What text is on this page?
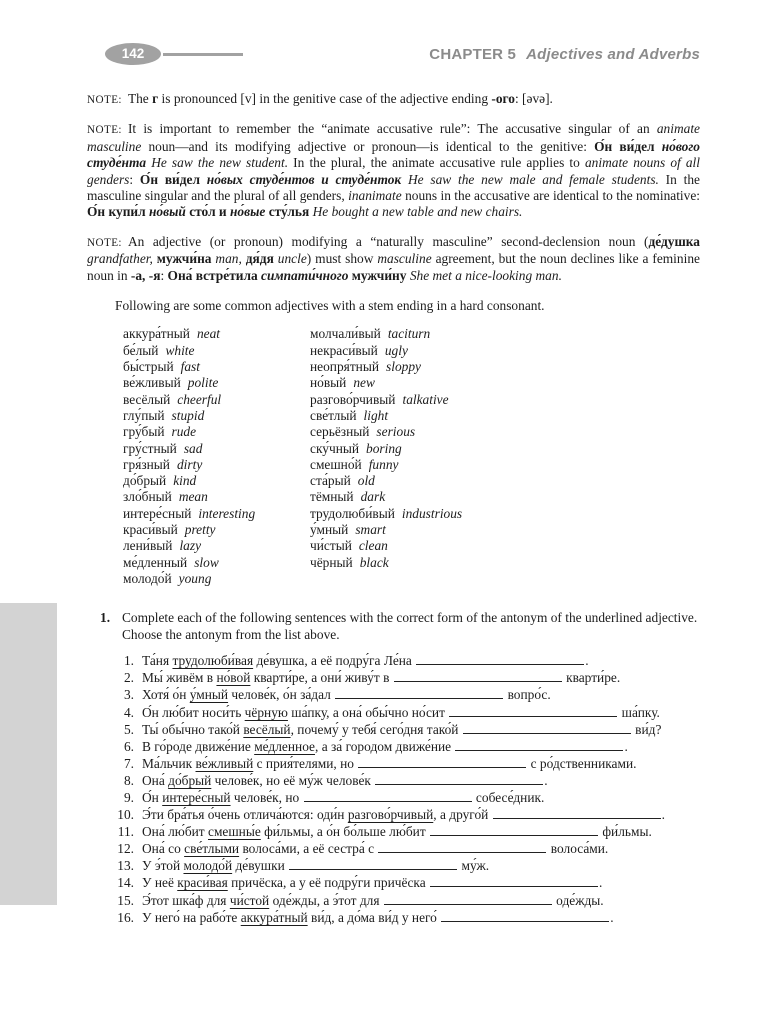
142	CHAPTER 5 Adjectives and Adverbs

NOTE: The г is pronounced [v] in the genitive case of the adjective ending -ого: [əvə].

NOTE: It is important to remember the “animate accusative rule”: The accusative singular of an animate masculine noun—and its modifying adjective or pronoun—is identical to the genitive: О́н ви́дел но́вого студе́нта He saw the new student. In the plural, the animate accusative rule applies to animate nouns of all genders: О́н ви́дел но́вых студе́нтов и студе́нток He saw the new male and female students. In the masculine singular and the plural of all genders, inanimate nouns in the accusative are identical to the nominative: О́н купи́л но́вый сто́л и но́вые сту́лья He bought a new table and new chairs.

NOTE: An adjective (or pronoun) modifying a “naturally masculine” second-declension noun (де́душка grandfather, мужчи́на man, дя́дя uncle) must show masculine agreement, but the noun declines like a feminine noun in -а, -я: Она́ встре́тила симпати́чного мужчи́ну She met a nice-looking man.

Following are some common adjectives with a stem ending in a hard consonant.

аккура́тный neat
бе́лый white
бы́стрый fast
ве́жливый polite
весёлый cheerful
глу́пый stupid
гру́бый rude
гру́стный sad
гря́зный dirty
до́брый kind
зло́бный mean
интере́сный interesting
краси́вый pretty
лени́вый lazy
ме́дленный slow
молодо́й young
молчали́вый taciturn
некраси́вый ugly
неопря́тный sloppy
но́вый new
разгово́рчивый talkative
све́тлый light
серьёзный serious
ску́чный boring
смешно́й funny
ста́рый old
тёмный dark
трудолюби́вый industrious
у́мный smart
чи́стый clean
чёрный black
1. Complete each of the following sentences with the correct form of the antonym of the underlined adjective. Choose the antonym from the list above.
1. Та́ня трудолюби́вая де́вушка, а её подру́га Ле́на	.
2. Мы́ живём в но́вой кварти́ре, а они́ живу́т в	кварти́ре.
3. Хотя́ о́н у́мный челове́к, о́н за́дал	вопро́с.
4. О́н лю́бит носи́ть чёрную ша́пку, а она́ обы́чно но́сит	ша́пку.
5. Ты́ обы́чно тако́й весёлый, почему́ у тебя́ сего́дня тако́й	ви́д?
6. В го́роде движе́ние ме́дленное, а за́ городом движе́ние	.
7. Ма́льчик ве́жливый с прия́телями, но	с ро́дственниками.
8. Она́ до́брый челове́к, но её му́ж челове́к	.
9. О́н интере́сный челове́к, но	собесе́дник.
10. Э́ти бра́тья о́чень отлича́ются: оди́н разгово́рчивый, а друго́й	.
11. Она́ лю́бит смешны́е фи́льмы, а о́н бо́льше лю́бит	фи́льмы.
12. Она́ со све́тлыми волоса́ми, а её сестра́ с	волоса́ми.
13. У э́той молодо́й де́вушки	му́ж.
14. У неё краси́вая причёска, а у её подру́ги причёска	.
15. Э́тот шка́ф для чи́стой оде́жды, а э́тот для	оде́жды.
16. У него́ на рабо́те аккура́тный ви́д, а до́ма ви́д у него́	.
